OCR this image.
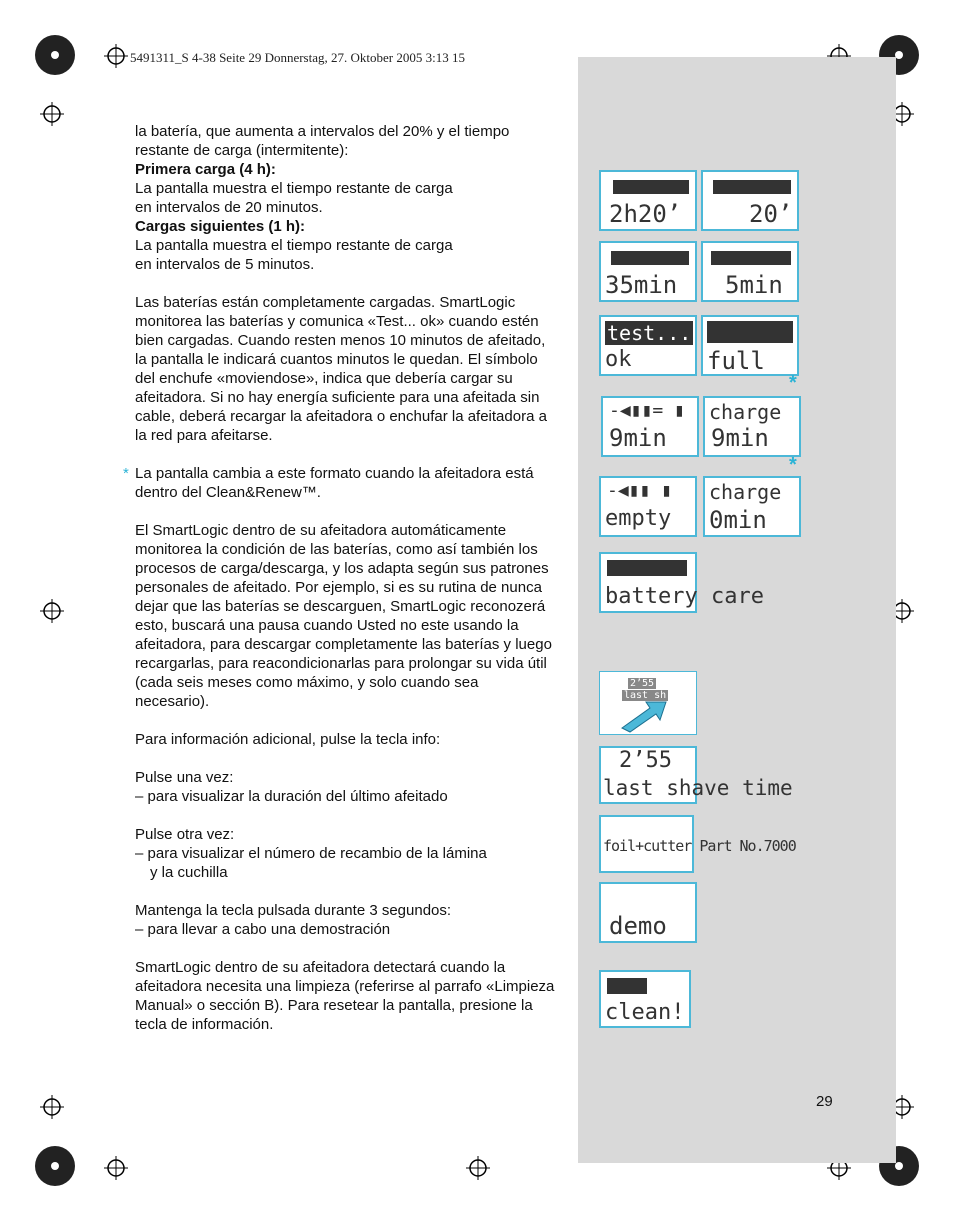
5491311_S 4-38 Seite 29 Donnerstag, 27. Oktober 2005 3:13 15

la batería, que aumenta a intervalos del 20% y el tiempo restante de carga (intermitente):

Primera carga (4 h):

La pantalla muestra el tiempo restante de carga

en intervalos de 20 minutos.

Cargas siguientes (1 h):

La pantalla muestra el tiempo restante de carga

en intervalos de 5 minutos.

Las baterías están completamente cargadas. SmartLogic monitorea las baterías y comunica «Test... ok» cuando estén bien cargadas. Cuando resten menos 10 minutos de afeitado, la pantalla le indicará cuantos minutos le quedan. El símbolo del enchufe «moviendose», indica que debería cargar su afeitadora. Si no hay energía suficiente para una afeitada sin cable, deberá recargar la afeitadora o enchufar la afeitadora a la red para afeitarse.

* La pantalla cambia a este formato cuando la afeitadora está dentro del Clean&Renew™.

El SmartLogic dentro de su afeitadora automáticamente monitorea la condición de las baterías, como así también los procesos de carga/descarga, y los adapta según sus patrones personales de afeitado. Por ejemplo, si es su rutina de nunca dejar que las baterías se descarguen, SmartLogic reconozerá esto, buscará una pausa cuando Usted no este usando la afeitadora, para descargar completamente las baterías y luego recargarlas, para reacondicionarlas para prolongar su vida útil (cada seis meses como máximo, y solo cuando sea necesario).

Para información adicional, pulse la tecla info:

Pulse una vez:

– para visualizar la duración del último afeitado

Pulse otra vez:

– para visualizar el número de recambio de la lámina

y la cuchilla

Mantenga la tecla pulsada durante 3 segundos:

– para llevar a cabo una demostración

SmartLogic dentro de su afeitadora detectará cuando la afeitadora necesita una limpieza (referirse al parrafo «Limpieza Manual» o sección B). Para resetear la pantalla, presione la tecla de información.

2h20’	20’
35min 5min
test...
ok	full
-◀▮▮= ▮
9min
*
charge
9min
-◀▮▮ ▮
empty
*
charge
0min
battery care
2’55
last sh
2’55
last shave time
foil+cutter Part No.7000
demo
clean!
29
